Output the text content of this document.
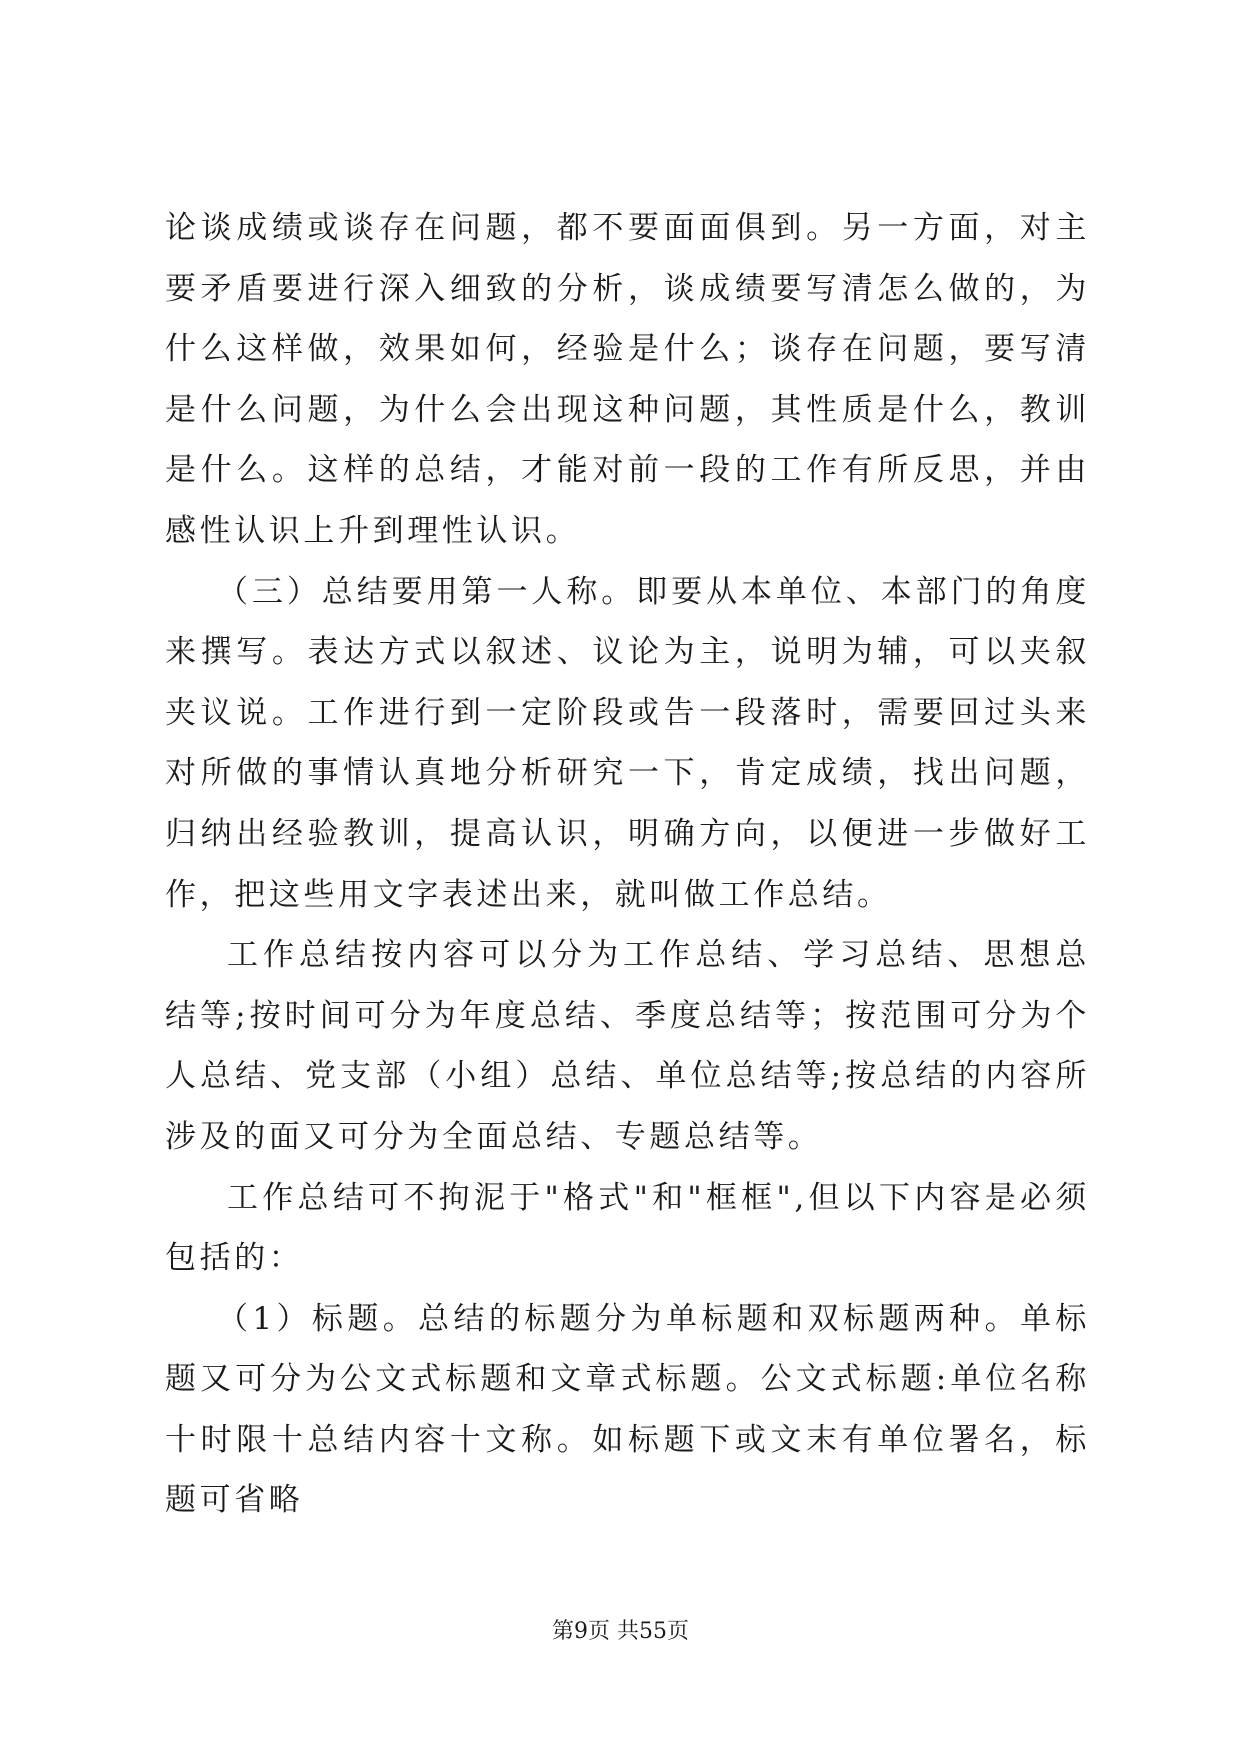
论谈成绩或谈存在问题，都不要面面俱到。另一方面，对主要矛盾要进行深入细致的分析，谈成绩要写清怎么做的，为什么这样做，效果如何，经验是什么；谈存在问题，要写清是什么问题，为什么会出现这种问题，其性质是什么，教训是什么。这样的总结，才能对前一段的工作有所反思，并由感性认识上升到理性认识。

（三）总结要用第一人称。即要从本单位、本部门的角度来撰写。表达方式以叙述、议论为主，说明为辅，可以夹叙夹议说。工作进行到一定阶段或告一段落时，需要回过头来对所做的事情认真地分析研究一下，肯定成绩，找出问题，归纳出经验教训，提高认识，明确方向，以便进一步做好工作，把这些用文字表述出来，就叫做工作总结。

工作总结按内容可以分为工作总结、学习总结、思想总结等;按时间可分为年度总结、季度总结等；按范围可分为个人总结、党支部（小组）总结、单位总结等;按总结的内容所涉及的面又可分为全面总结、专题总结等。

工作总结可不拘泥于"格式"和"框框",但以下内容是必须包括的：

（1）标题。总结的标题分为单标题和双标题两种。单标题又可分为公文式标题和文章式标题。公文式标题:单位名称十时限十总结内容十文称。如标题下或文末有单位署名，标题可省略

第9页 共55页
